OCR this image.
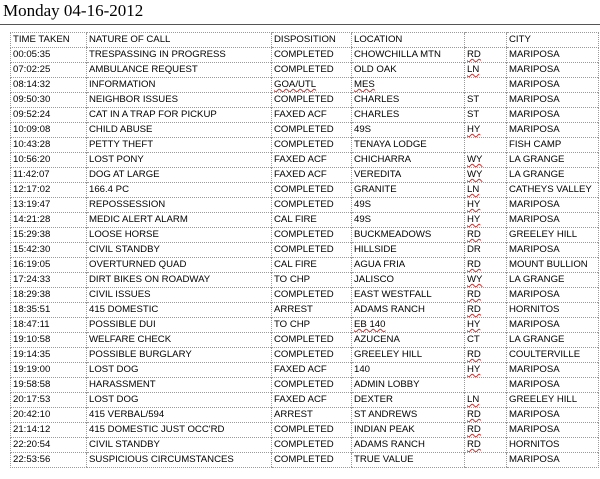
Monday 04-16-2012
TIME TAKEN	NATURE OF CALL	DISPOSITION	LOCATION		CITY
00:05:35	TRESPASSING IN PROGRESS	COMPLETED	CHOWCHILLA MTN	RD	MARIPOSA
07:02:25	AMBULANCE REQUEST	COMPLETED	OLD OAK	LN	MARIPOSA
08:14:32	INFORMATION	GOA/UTL	MES		MARIPOSA
09:50:30	NEIGHBOR ISSUES	COMPLETED	CHARLES	ST	MARIPOSA
09:52:24	CAT IN A TRAP FOR PICKUP	FAXED ACF	CHARLES	ST	MARIPOSA
10:09:08	CHILD ABUSE	COMPLETED	49S	HY	MARIPOSA
10:43:28	PETTY THEFT	COMPLETED	TENAYA LODGE		FISH CAMP
10:56:20	LOST PONY	FAXED ACF	CHICHARRA	WY	LA GRANGE
11:42:07	DOG AT LARGE	FAXED ACF	VEREDITA	WY	LA GRANGE
12:17:02	166.4 PC	COMPLETED	GRANITE	LN	CATHEYS VALLEY
13:19:47	REPOSSESSION	COMPLETED	49S	HY	MARIPOSA
14:21:28	MEDIC ALERT ALARM	CAL FIRE	49S	HY	MARIPOSA
15:29:38	LOOSE HORSE	COMPLETED	BUCKMEADOWS	RD	GREELEY HILL
15:42:30	CIVIL STANDBY	COMPLETED	HILLSIDE	DR	MARIPOSA
16:19:05	OVERTURNED QUAD	CAL FIRE	AGUA FRIA	RD	MOUNT BULLION
17:24:33	DIRT BIKES ON ROADWAY	TO CHP	JALISCO	WY	LA GRANGE
18:29:38	CIVIL ISSUES	COMPLETED	EAST WESTFALL	RD	MARIPOSA
18:35:51	415 DOMESTIC	ARREST	ADAMS RANCH	RD	HORNITOS
18:47:11	POSSIBLE DUI	TO CHP	EB 140	HY	MARIPOSA
19:10:58	WELFARE CHECK	COMPLETED	AZUCENA	CT	LA GRANGE
19:14:35	POSSIBLE BURGLARY	COMPLETED	GREELEY HILL	RD	COULTERVILLE
19:19:00	LOST DOG	FAXED ACF	140	HY	MARIPOSA
19:58:58	HARASSMENT	COMPLETED	ADMIN LOBBY		MARIPOSA
20:17:53	LOST DOG	FAXED ACF	DEXTER	LN	GREELEY HILL
20:42:10	415 VERBAL/594	ARREST	ST ANDREWS	RD	MARIPOSA
21:14:12	415 DOMESTIC JUST OCC'RD	COMPLETED	INDIAN PEAK	RD	MARIPOSA
22:20:54	CIVIL STANDBY	COMPLETED	ADAMS RANCH	RD	HORNITOS
22:53:56	SUSPICIOUS CIRCUMSTANCES	COMPLETED	TRUE VALUE		MARIPOSA
